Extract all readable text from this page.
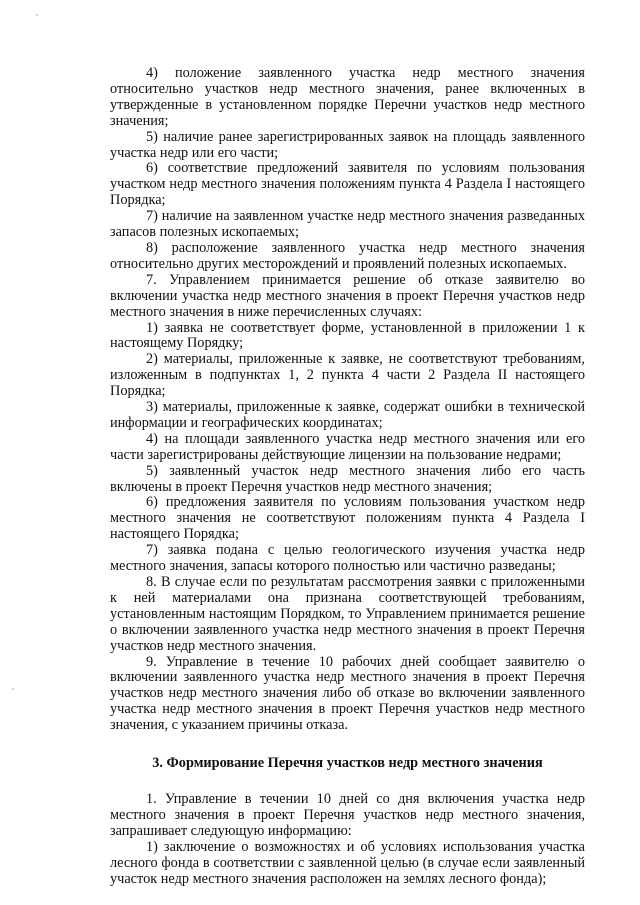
4) положение заявленного участка недр местного значения относительно участков недр местного значения, ранее включенных в утвержденные в установленном порядке Перечни участков недр местного значения;

5) наличие ранее зарегистрированных заявок на площадь заявленного участка недр или его части;

6) соответствие предложений заявителя по условиям пользования участком недр местного значения положениям пункта 4 Раздела I настоящего Порядка;

7) наличие на заявленном участке недр местного значения разведанных запасов полезных ископаемых;

8) расположение заявленного участка недр местного значения относительно других месторождений и проявлений полезных ископаемых.

7. Управлением принимается решение об отказе заявителю во включении участка недр местного значения в проект Перечня участков недр местного значения в ниже перечисленных случаях:

1) заявка не соответствует форме, установленной в приложении 1 к настоящему Порядку;

2) материалы, приложенные к заявке, не соответствуют требованиям, изложенным в подпунктах 1, 2 пункта 4 части 2 Раздела II настоящего Порядка;

3) материалы, приложенные к заявке, содержат ошибки в технической информации и географических координатах;

4) на площади заявленного участка недр местного значения или его части зарегистрированы действующие лицензии на пользование недрами;

5) заявленный участок недр местного значения либо его часть включены в проект Перечня участков недр местного значения;

6) предложения заявителя по условиям пользования участком недр местного значения не соответствуют положениям пункта 4 Раздела I настоящего Порядка;

7) заявка подана с целью геологического изучения участка недр местного значения, запасы которого полностью или частично разведаны;

8. В случае если по результатам рассмотрения заявки с приложенными к ней материалами она признана соответствующей требованиям, установленным настоящим Порядком, то Управлением принимается решение о включении заявленного участка недр местного значения в проект Перечня участков недр местного значения.

9. Управление в течение 10 рабочих дней сообщает заявителю о включении заявленного участка недр местного значения в проект Перечня участков недр местного значения либо об отказе во включении заявленного участка недр местного значения в проект Перечня участков недр местного значения, с указанием причины отказа.

3. Формирование Перечня участков недр местного значения

1. Управление в течении 10 дней со дня включения участка недр местного значения в проект Перечня участков недр местного значения, запрашивает следующую информацию:

1) заключение о возможностях и об условиях использования участка лесного фонда в соответствии с заявленной целью (в случае если заявленный участок недр местного значения расположен на землях лесного фонда);
